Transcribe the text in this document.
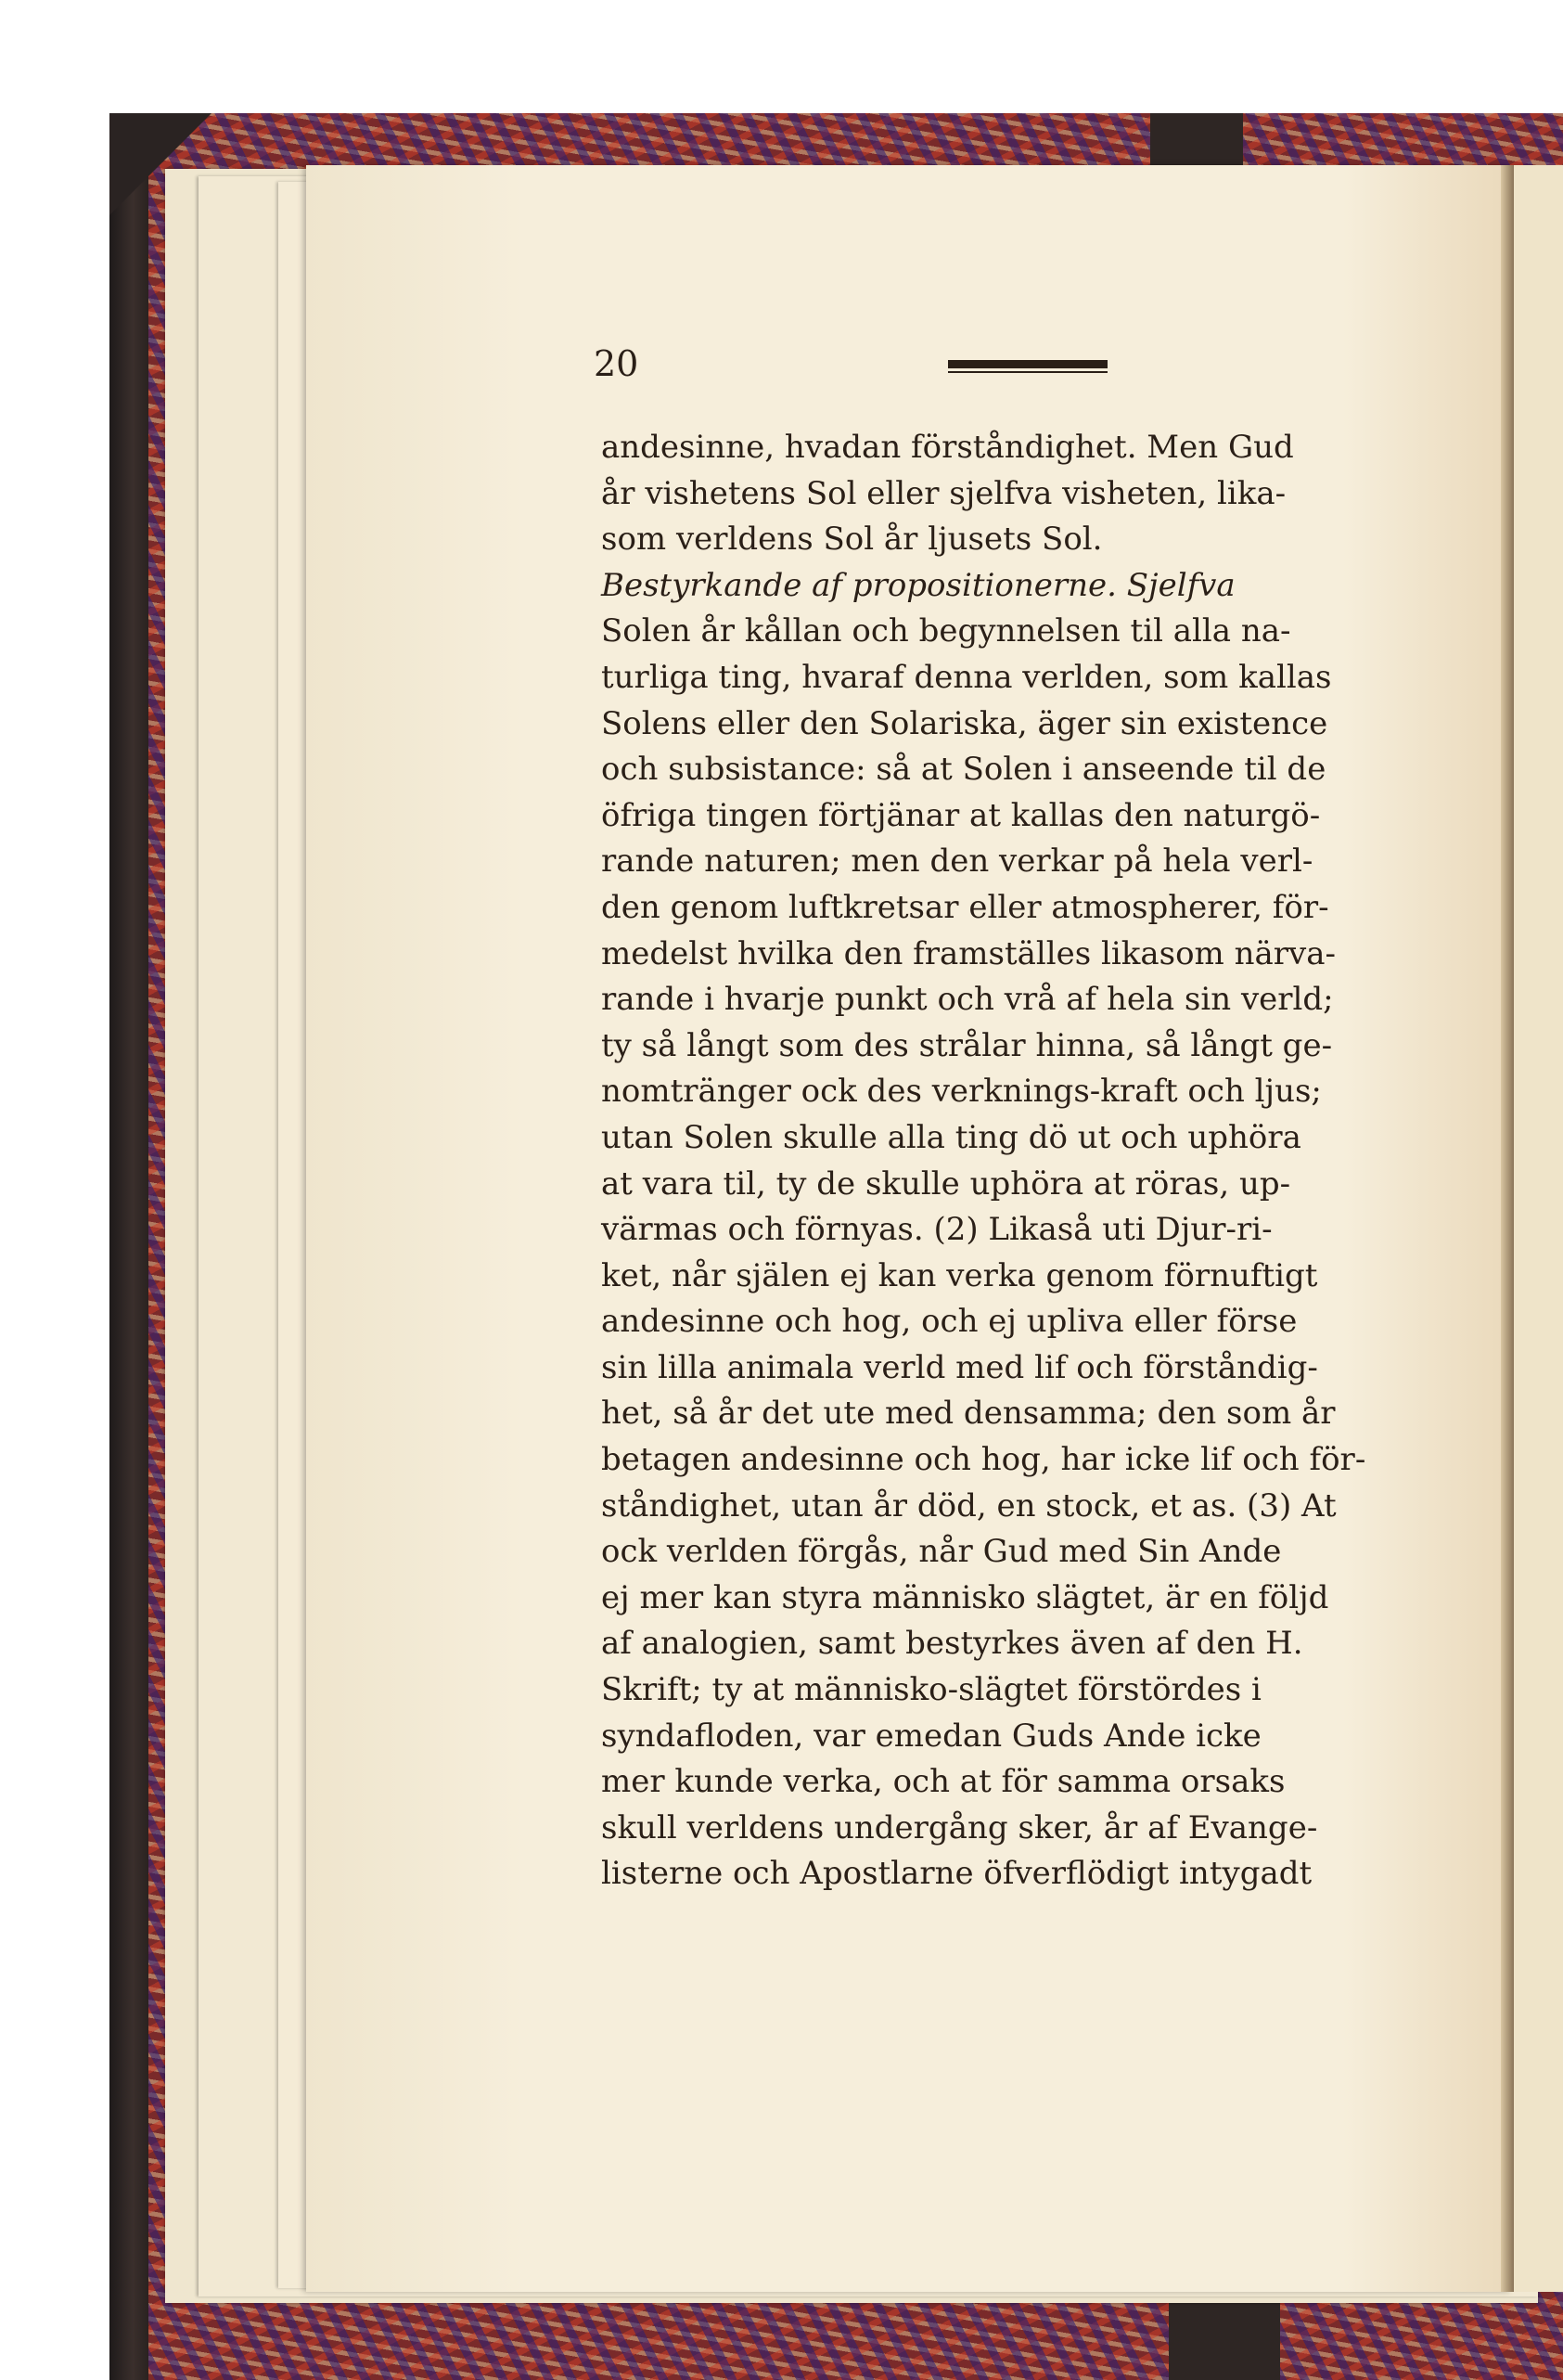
20
andesinne, hvadan förståndighet. Men Gud
år vishetens Sol eller sjelfva visheten, lika-
som verldens Sol år ljusets Sol.
Bestyrkande af propositionerne. Sjelfva
Solen år kållan och begynnelsen til alla na-
turliga ting, hvaraf denna verlden, som kallas
Solens eller den Solariska, äger sin existence
och subsistance: så at Solen i anseende til de
öfriga tingen förtjänar at kallas den naturgö-
rande naturen; men den verkar på hela verl-
den genom luftkretsar eller atmospherer, för-
medelst hvilka den framställes likasom närva-
rande i hvarje punkt och vrå af hela sin verld;
ty så långt som des strålar hinna, så långt ge-
nomtränger ock des verknings-kraft och ljus;
utan Solen skulle alla ting dö ut och uphöra
at vara til, ty de skulle uphöra at röras, up-
värmas och förnyas. (2) Likaså uti Djur-ri-
ket, når själen ej kan verka genom förnuftigt
andesinne och hog, och ej upliva eller förse
sin lilla animala verld med lif och förståndig-
het, så år det ute med densamma; den som år
betagen andesinne och hog, har icke lif och för-
ståndighet, utan år död, en stock, et as. (3) At
ock verlden förgås, når Gud med Sin Ande
ej mer kan styra människo slägtet, är en följd
af analogien, samt bestyrkes även af den H.
Skrift; ty at människo-slägtet förstördes i
syndafloden, var emedan Guds Ande icke
mer kunde verka, och at för samma orsaks
skull verldens undergång sker, år af Evange-
listerne och Apostlarne öfverflödigt intygadt
